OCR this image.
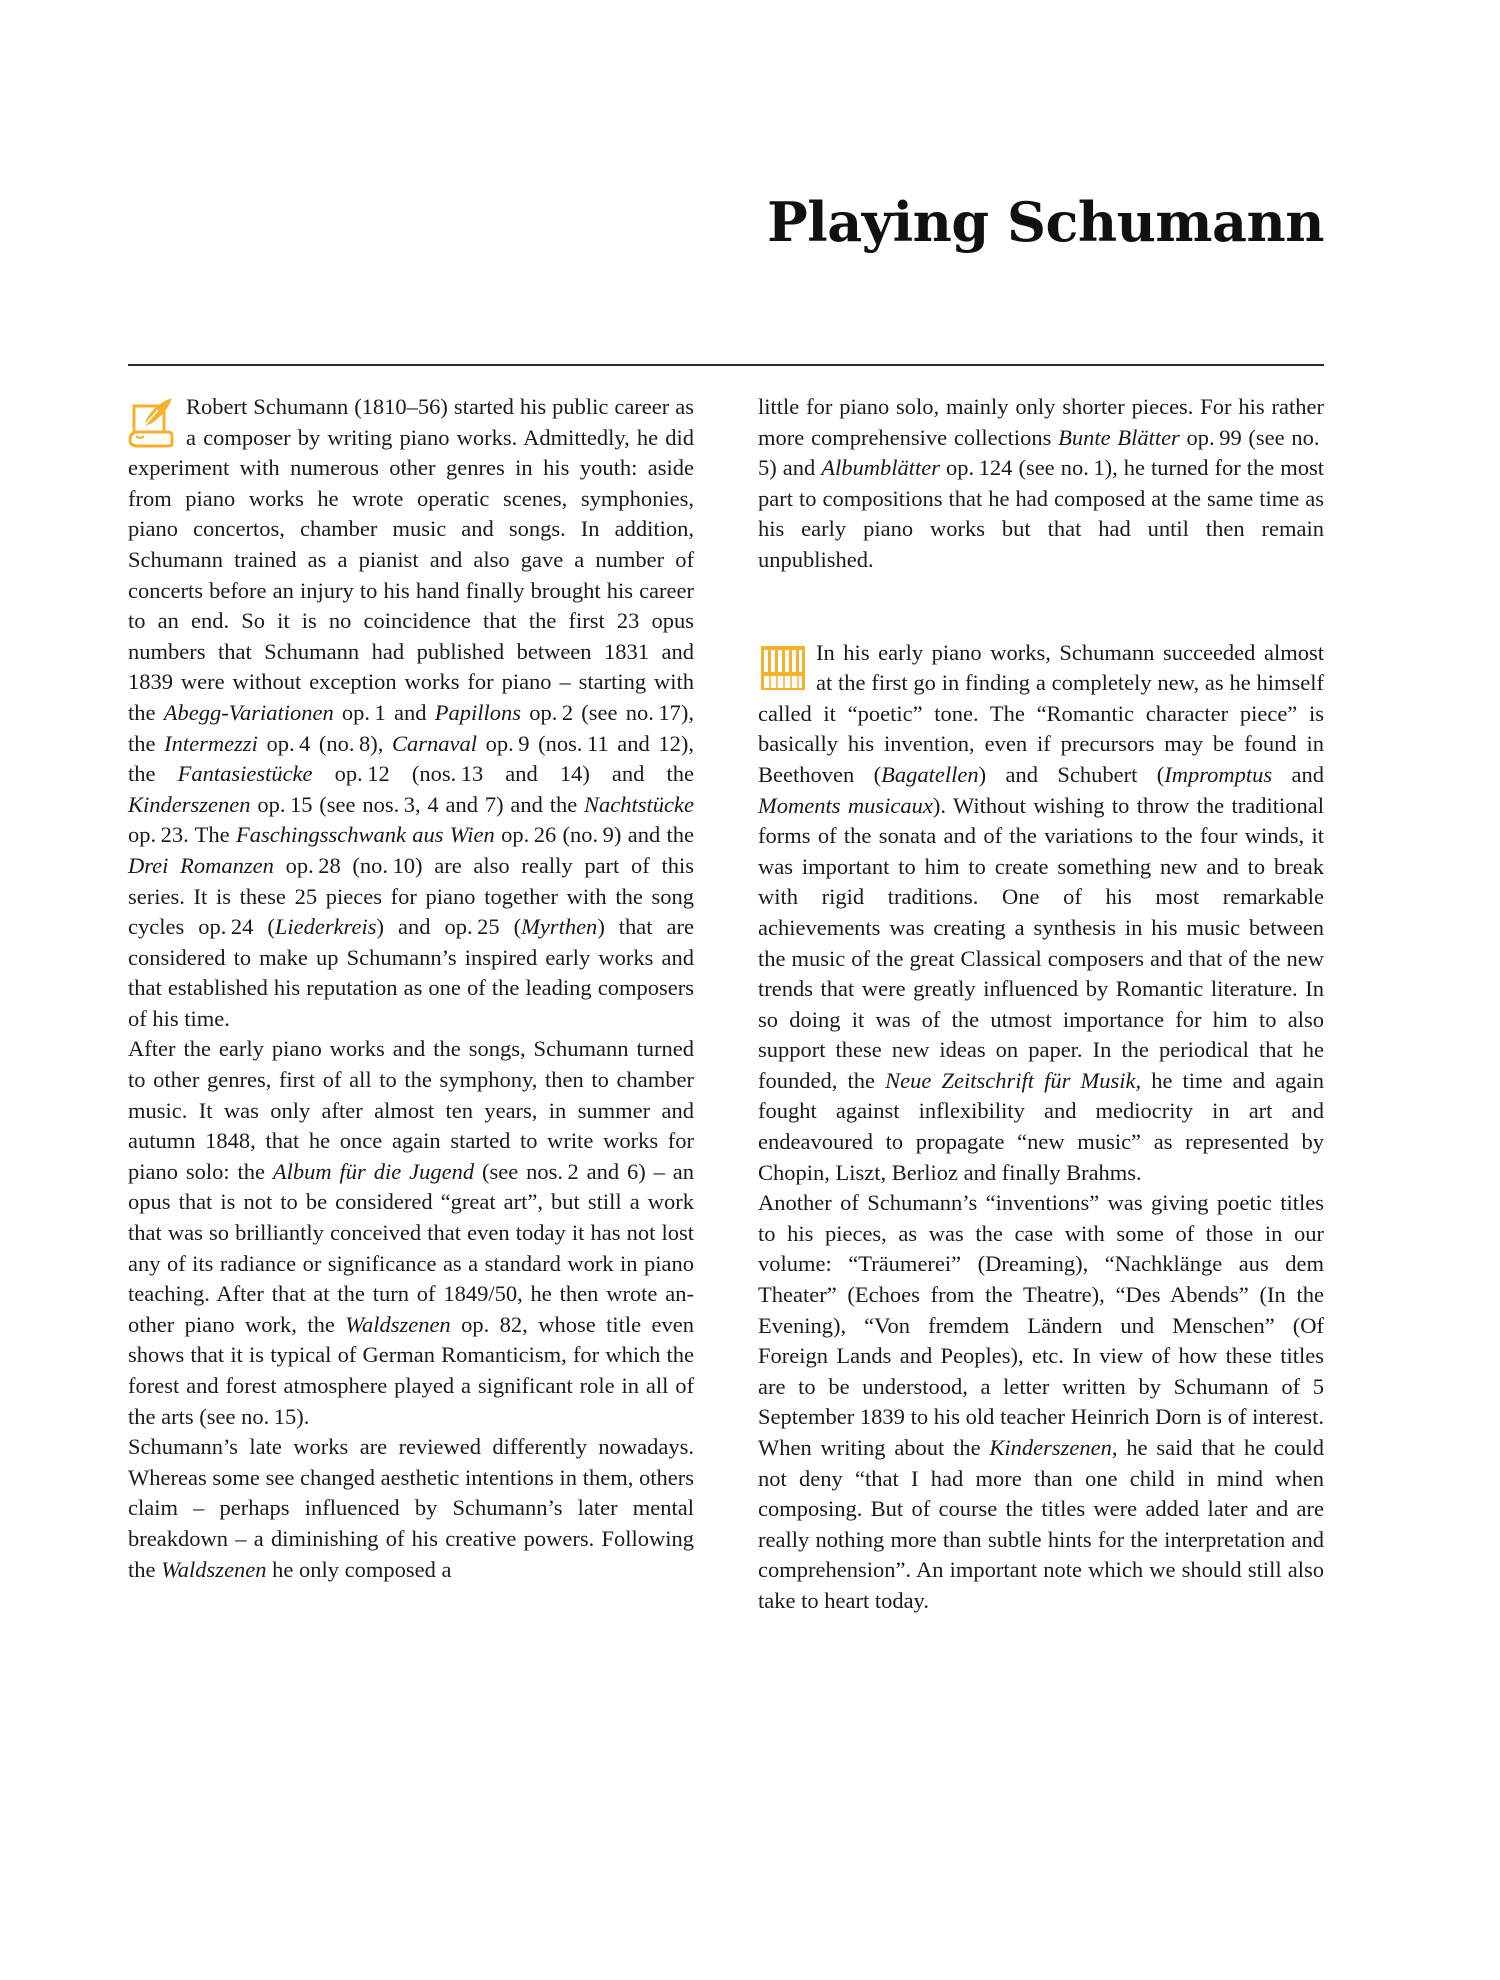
Playing Schumann

Robert Schumann (1810–56) started his public career as a composer by writing piano works. Admittedly, he did experiment with numerous other genres in his youth: aside from piano works he wrote operatic scenes, symphonies, piano concertos, chamber music and songs. In addition, Schumann trained as a pianist and also gave a number of concerts before an injury to his hand finally brought his career to an end. So it is no coincidence that the first 23 opus numbers that Schumann had published between 1831 and 1839 were without exception works for piano – starting with the Abegg-Variationen op. 1 and Papillons op. 2 (see no. 17), the Intermezzi op. 4 (no. 8), Carnaval op. 9 (nos. 11 and 12), the Fantasiestücke op. 12 (nos. 13 and 14) and the Kinderszenen op. 15 (see nos. 3, 4 and 7) and the Nachtstücke op. 23. The Faschingsschwank aus Wien op. 26 (no. 9) and the Drei Romanzen op. 28 (no. 10) are also really part of this series. It is these 25 pieces for piano together with the song cycles op. 24 (Liederkreis) and op. 25 (Myrthen) that are considered to make up Schumann’s inspired early works and that established his reputation as one of the leading composers of his time.

After the early piano works and the songs, Schumann turned to other genres, first of all to the symphony, then to chamber music. It was only after almost ten years, in summer and autumn 1848, that he once again started to write works for piano solo: the Album für die Jugend (see nos. 2 and 6) – an opus that is not to be considered “great art”, but still a work that was so brilliantly conceived that even today it has not lost any of its radiance or significance as a standard work in piano teaching. After that at the turn of 1849/50, he then wrote another piano work, the Waldszenen op. 82, whose title even shows that it is typical of German Romanticism, for which the forest and forest atmosphere played a significant role in all of the arts (see no. 15).

Schumann’s late works are reviewed differently nowadays. Whereas some see changed aesthetic intentions in them, others claim – perhaps influenced by Schumann’s later mental breakdown – a diminishing of his creative powers. Following the Waldszenen he only composed a

little for piano solo, mainly only shorter pieces. For his rather more comprehensive collections Bunte Blätter op. 99 (see no. 5) and Albumblätter op. 124 (see no. 1), he turned for the most part to compositions that he had composed at the same time as his early piano works but that had until then remain unpublished.

In his early piano works, Schumann succeeded almost at the first go in finding a completely new, as he himself called it “poetic” tone. The “Romantic character piece” is basically his invention, even if precursors may be found in Beethoven (Bagatellen) and Schubert (Impromptus and Moments musicaux). Without wishing to throw the traditional forms of the sonata and of the variations to the four winds, it was important to him to create something new and to break with rigid traditions. One of his most remarkable achievements was creating a synthesis in his music between the music of the great Classical composers and that of the new trends that were greatly influenced by Romantic literature. In so doing it was of the utmost importance for him to also support these new ideas on paper. In the periodical that he founded, the Neue Zeitschrift für Musik, he time and again fought against inflexibility and mediocrity in art and endeavoured to propagate “new music” as represented by Chopin, Liszt, Berlioz and finally Brahms.

Another of Schumann’s “inventions” was giving poetic titles to his pieces, as was the case with some of those in our volume: “Träumerei” (Dreaming), “Nachklänge aus dem Theater” (Echoes from the Theatre), “Des Abends” (In the Evening), “Von fremdem Ländern und Menschen” (Of Foreign Lands and Peoples), etc. In view of how these titles are to be understood, a letter written by Schumann of 5 September 1839 to his old teacher Heinrich Dorn is of interest. When writing about the Kinderszenen, he said that he could not deny “that I had more than one child in mind when composing. But of course the titles were added later and are really nothing more than subtle hints for the interpretation and comprehension”. An important note which we should still also take to heart today.
